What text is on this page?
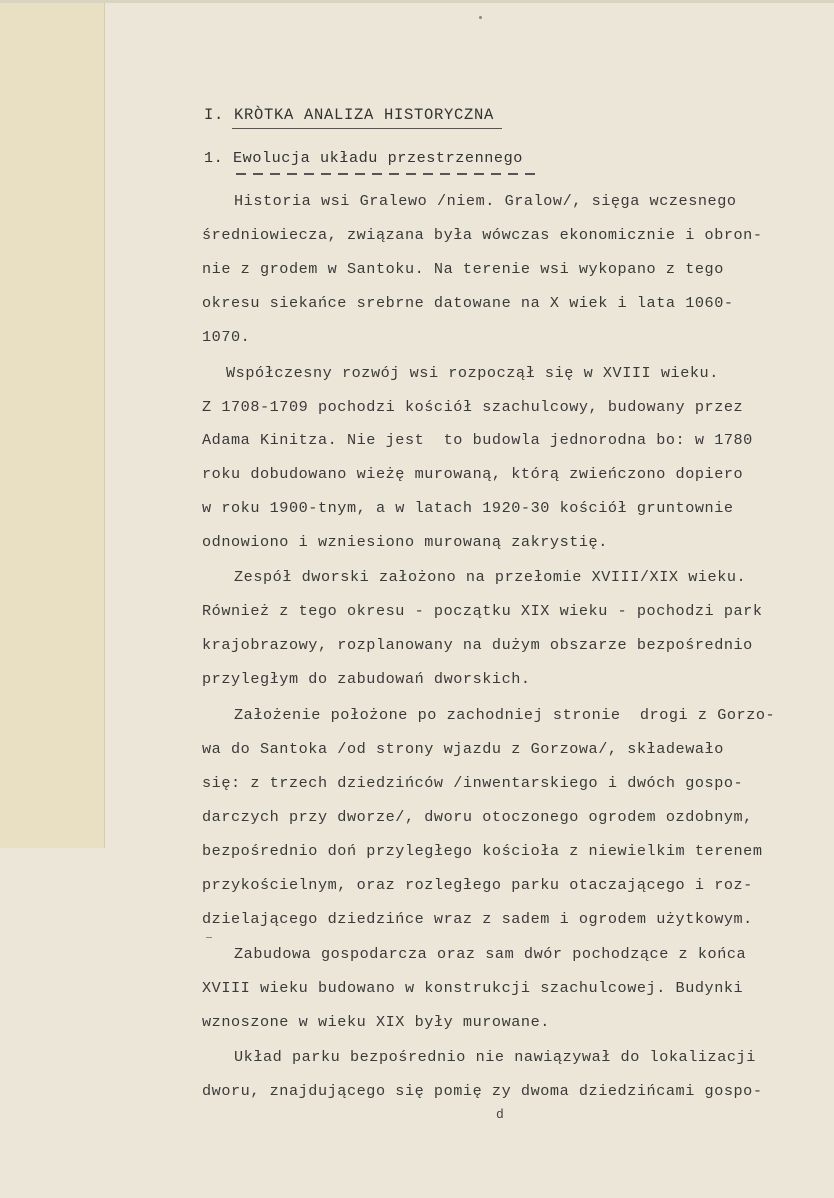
I. KRÒTKA ANALIZA HISTORYCZNA
1. Ewolucja układu przestrzennego

Historia wsi Gralewo /niem. Gralow/, sięga wczesnego

średniowiecza, związana była wówczas ekonomicznie i obron-

nie z grodem w Santoku. Na terenie wsi wykopano z tego

okresu siekańce srebrne datowane na X wiek i lata 1060-

1070.

Współczesny rozwój wsi rozpoczął się w XVIII wieku.

Z 1708-1709 pochodzi kościół szachulcowy, budowany przez

Adama Kinitza. Nie jest  to budowla jednorodna bo: w 1780

roku dobudowano wieżę murowaną, którą zwieńczono dopiero

w roku 1900-tnym, a w latach 1920-30 kościół gruntownie

odnowiono i wzniesiono murowaną zakrystię.

Zespół dworski założono na przełomie XVIII/XIX wieku.

Również z tego okresu - początku XIX wieku - pochodzi park

krajobrazowy, rozplanowany na dużym obszarze bezpośrednio

przyległym do zabudowań dworskich.

Założenie położone po zachodniej stronie  drogi z Gorzo-

wa do Santoka /od strony wjazdu z Gorzowa/, składewało

się: z trzech dziedzińców /inwentarskiego i dwóch gospo-

darczych przy dworze/, dworu otoczonego ogrodem ozdobnym,

bezpośrednio doń przyległego kościoła z niewielkim terenem

przykościelnym, oraz rozległego parku otaczającego i roz-

dzielającego dziedzińce wraz z sadem i ogrodem użytkowym.

Zabudowa gospodarcza oraz sam dwór pochodzące z końca

XVIII wieku budowano w konstrukcji szachulcowej. Budynki

wznoszone w wieku XIX były murowane.

Układ parku bezpośrednio nie nawiązywał do lokalizacji

dworu, znajdującego się pomię zy dwoma dziedzińcami gospo-

d
